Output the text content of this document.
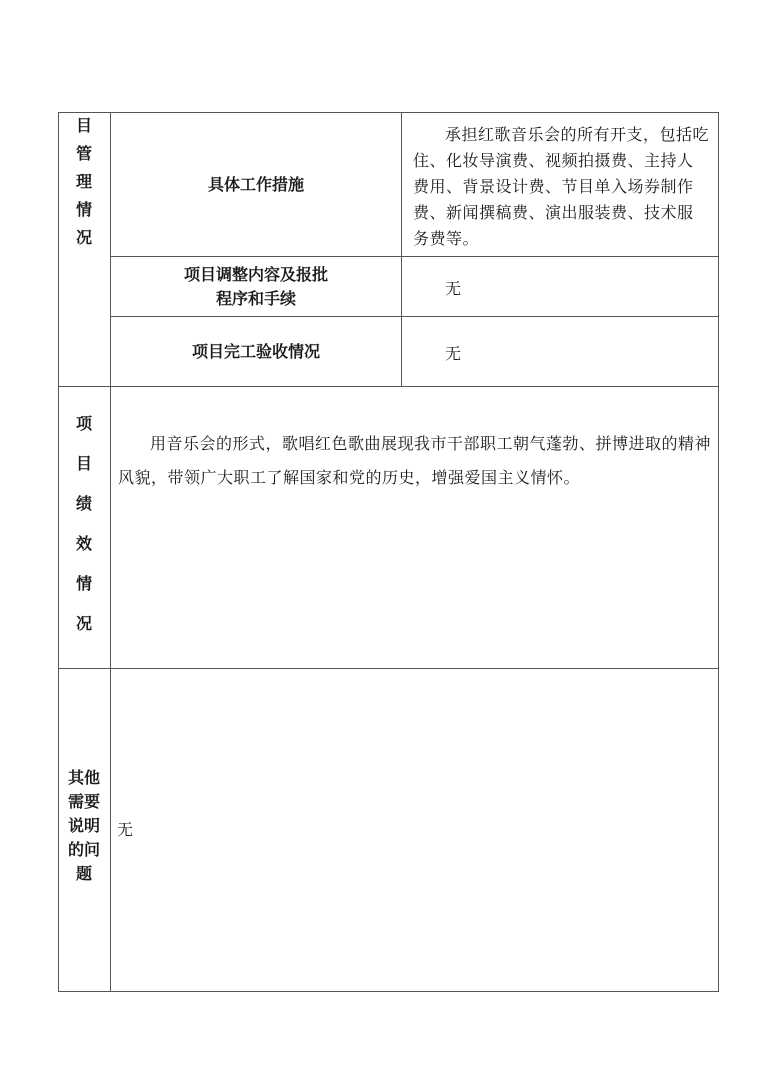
目
管
理
情
况
具体工作措施
承担红歌音乐会的所有开支，包括吃住、化妆导演费、视频拍摄费、主持人费用、背景设计费、节目单入场券制作费、新闻撰稿费、演出服装费、技术服务费等。
项目调整内容及报批
程序和手续	无
项目完工验收情况	无
项
目
绩
效
情
况
用音乐会的形式，歌唱红色歌曲展现我市干部职工朝气蓬勃、拼博进取的精神风貌，带领广大职工了解国家和党的历史，增强爱国主义情怀。
其他
需要
说明
的问
题
无
